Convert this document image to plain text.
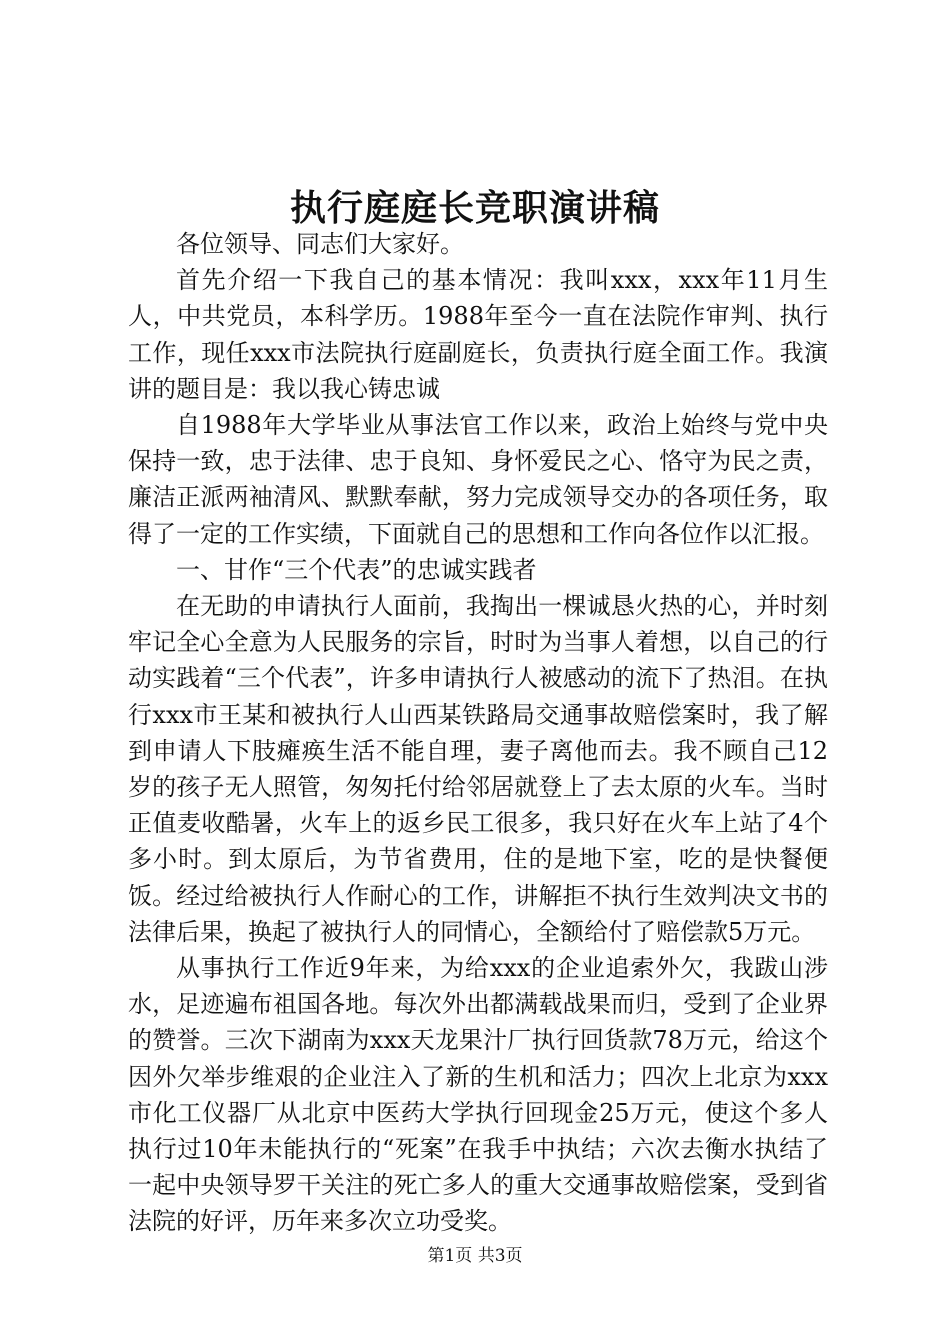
执行庭庭长竞职演讲稿

各位领导、同志们大家好。

首先介绍一下我自己的基本情况：我叫xxx，xxx年11月生人，中共党员，本科学历。1988年至今一直在法院作审判、执行工作，现任xxx市法院执行庭副庭长，负责执行庭全面工作。我演讲的题目是：我以我心铸忠诚

自1988年大学毕业从事法官工作以来，政治上始终与党中央保持一致，忠于法律、忠于良知、身怀爱民之心、恪守为民之责，廉洁正派两袖清风、默默奉献，努力完成领导交办的各项任务，取得了一定的工作实绩，下面就自己的思想和工作向各位作以汇报。

一、甘作“三个代表”的忠诚实践者

在无助的申请执行人面前，我掏出一棵诚恳火热的心，并时刻牢记全心全意为人民服务的宗旨，时时为当事人着想，以自己的行动实践着“三个代表”，许多申请执行人被感动的流下了热泪。在执行xxx市王某和被执行人山西某铁路局交通事故赔偿案时，我了解到申请人下肢瘫痪生活不能自理，妻子离他而去。我不顾自己12岁的孩子无人照管，匆匆托付给邻居就登上了去太原的火车。当时正值麦收酷暑，火车上的返乡民工很多，我只好在火车上站了4个多小时。到太原后，为节省费用，住的是地下室，吃的是快餐便饭。经过给被执行人作耐心的工作，讲解拒不执行生效判决文书的法律后果，换起了被执行人的同情心，全额给付了赔偿款5万元。

从事执行工作近9年来，为给xxx的企业追索外欠，我跋山涉水，足迹遍布祖国各地。每次外出都满载战果而归，受到了企业界的赞誉。三次下湖南为xxx天龙果汁厂执行回货款78万元，给这个因外欠举步维艰的企业注入了新的生机和活力；四次上北京为xxx市化工仪器厂从北京中医药大学执行回现金25万元，使这个多人执行过10年未能执行的“死案”在我手中执结；六次去衡水执结了一起中央领导罗干关注的死亡多人的重大交通事故赔偿案，受到省法院的好评，历年来多次立功受奖。

第1页 共3页
